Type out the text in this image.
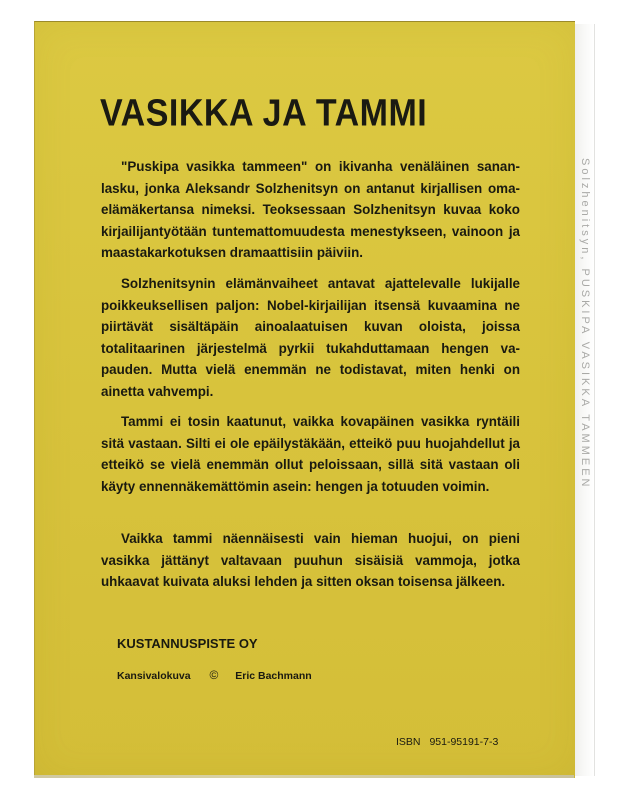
Solzhenitsyn, PUSKIPA VASIKKA TAMMEEN
VASIKKA JA TAMMI

"Puskipa vasikka tammeen" on ikivanha venäläinen sananlasku, jonka Aleksandr Solzhenitsyn on antanut kirjallisen omaelämäkertansa nimeksi. Teoksessaan Solzhenitsyn kuvaa koko kirjailijantyötään tuntemattomuudesta menestykseen, vainoon ja maastakarkotuksen dramaattisiin päiviin.

Solzhenitsynin elämänvaiheet antavat ajattelevalle lukijalle poikkeuksellisen paljon: Nobel-kirjailijan itsensä kuvaamina ne piirtävät sisältäpäin ainoalaatuisen kuvan oloista, joissa totalitaarinen järjestelmä pyrkii tukahduttamaan hengen vapauden. Mutta vielä enemmän ne todistavat, miten henki on ainetta vahvempi.

Tammi ei tosin kaatunut, vaikka kovapäinen vasikka ryntäili sitä vastaan. Silti ei ole epäilystäkään, etteikö puu huojahdellut ja etteikö se vielä enemmän ollut peloissaan, sillä sitä vastaan oli käyty ennennäkemättömin asein: hengen ja totuuden voimin.

Vaikka tammi näennäisesti vain hieman huojui, on pieni vasikka jättänyt valtavaan puuhun sisäisiä vammoja, jotka uhkaavat kuivata aluksi lehden ja sitten oksan toisensa jälkeen.

KUSTANNUSPISTE OY

Kansivalokuva © Eric Bachmann
ISBN 951-95191-7-3
